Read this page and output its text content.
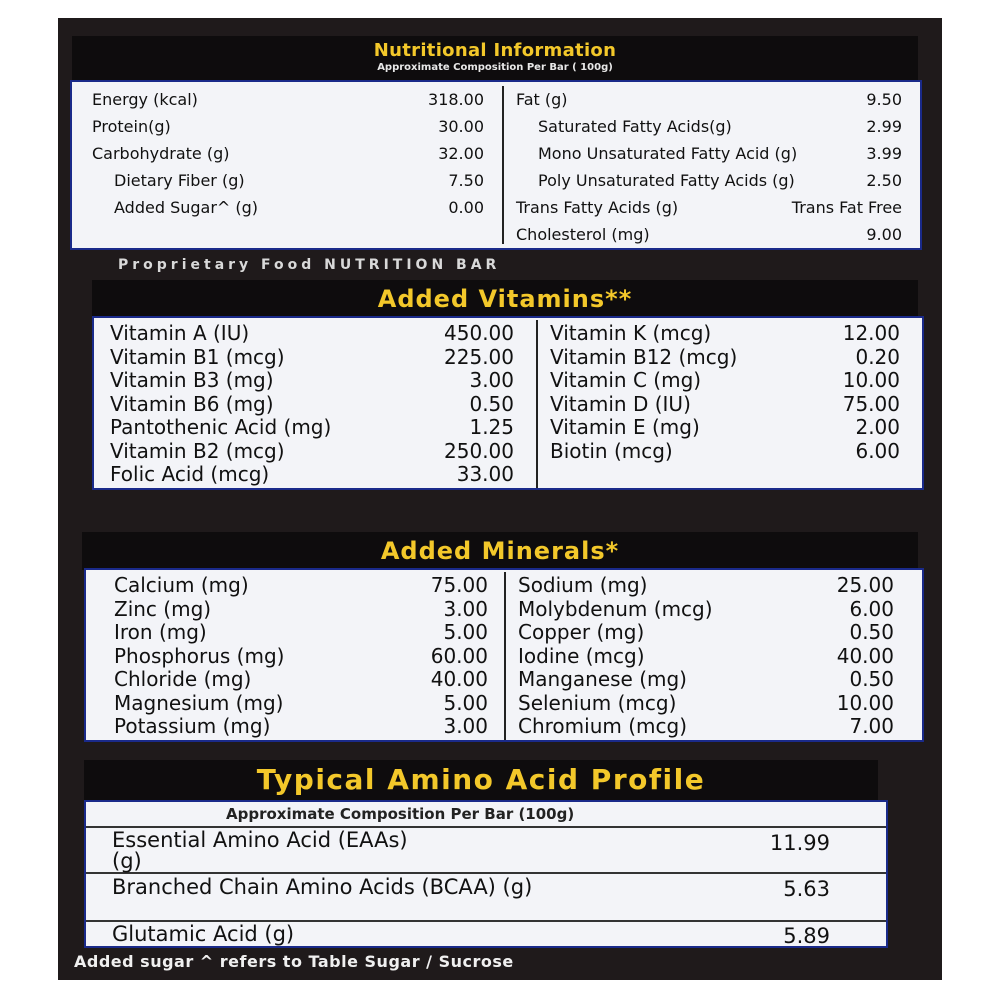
Nutritional Information
Approximate Composition Per Bar ( 100g)
Energy (kcal)	318.00
Protein(g)	30.00
Carbohydrate (g)	32.00
Dietary Fiber (g)	7.50
Added Sugar^ (g)	0.00
Fat (g)	9.50
Saturated Fatty Acids(g)	2.99
Mono Unsaturated Fatty Acid (g)	3.99
Poly Unsaturated Fatty Acids (g)	2.50
Trans Fatty Acids (g)	Trans Fat Free
Cholesterol (mg)	9.00
Proprietary Food NUTRITION BAR
Added Vitamins**
Vitamin A (IU)	450.00
Vitamin B1 (mcg)	225.00
Vitamin B3 (mg)	3.00
Vitamin B6 (mg)	0.50
Pantothenic Acid (mg)	1.25
Vitamin B2 (mcg)	250.00
Folic Acid (mcg)	33.00
Vitamin K (mcg)	12.00
Vitamin B12 (mcg)	0.20
Vitamin C (mg)	10.00
Vitamin D (IU)	75.00
Vitamin E (mg)	2.00
Biotin (mcg)	6.00
Added Minerals*
Calcium (mg)	75.00
Zinc (mg)	3.00
Iron (mg)	5.00
Phosphorus (mg)	60.00
Chloride (mg)	40.00
Magnesium (mg)	5.00
Potassium (mg)	3.00
Sodium (mg)	25.00
Molybdenum (mcg)	6.00
Copper (mg)	0.50
Iodine (mcg)	40.00
Manganese (mg)	0.50
Selenium (mcg)	10.00
Chromium (mcg)	7.00
Typical Amino Acid Profile
Approximate Composition Per Bar (100g)
Essential Amino Acid (EAAs) (g)
11.99
Branched Chain Amino Acids (BCAA) (g)	5.63
Glutamic Acid (g)	5.89
Added sugar ^ refers to Table Sugar / Sucrose
